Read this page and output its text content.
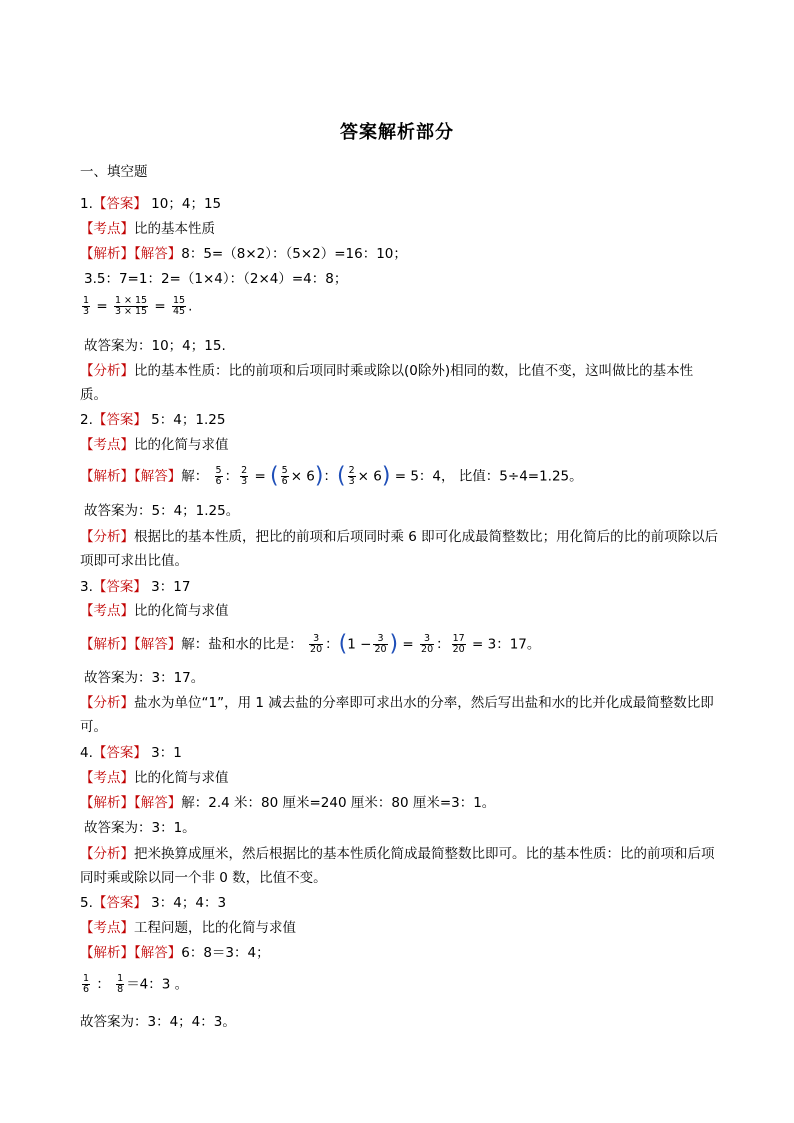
答案解析部分
一、填空题
1.【答案】 10；4；15
【考点】比的基本性质
【解析】【解答】8：5=（8×2）：（5×2）=16：10；
3.5：7=1：2=（1×4）：（2×4）=4：8；
$\frac{1}{3} = \frac{1 \times 15}{3 \times 15} = \frac{15}{45}$ .
故答案为：10；4；15.
【分析】比的基本性质：比的前项和后项同时乘或除以(0除外)相同的数，比值不变，这叫做比的基本性质。
2.【答案】 5：4；1.25
【考点】比的化简与求值
【解析】【解答】解： $\frac{5}{6}$ ： $\frac{2}{3}$ = ( $\frac{5}{6} \times 6$)：( $\frac{2}{3} \times 6) = 5$：4， 比值：5÷4=1.25。
故答案为：5：4；1.25。
【分析】根据比的基本性质，把比的前项和后项同时乘 6 即可化成最简整数比；用化简后的比的前项除以后项即可求出比值。
3.【答案】 3：17
【考点】比的化简与求值
【解析】【解答】解：盐和水的比是： $\frac{3}{20}$ ：($1 - \frac{3}{20}$ ) = $\frac{3}{20}$ ： $\frac{17}{20} = 3$：17。
故答案为：3：17。
【分析】盐水为单位“1”，用 1 减去盐的分率即可求出水的分率，然后写出盐和水的比并化成最简整数比即可。
4.【答案】 3：1
【考点】比的化简与求值
【解析】【解答】解：2.4 米：80 厘米=240 厘米：80 厘米=3：1。
故答案为：3：1。
【分析】把米换算成厘米，然后根据比的基本性质化简成最简整数比即可。比的基本性质：比的前项和后项同时乘或除以同一个非 0 数，比值不变。
5.【答案】 3：4；4：3
【考点】工程问题，比的化简与求值
【解析】【解答】6：8＝3：4；
$\frac{1}{6}$ ： $\frac{1}{8} =4$：3 。
故答案为：3：4；4：3。
